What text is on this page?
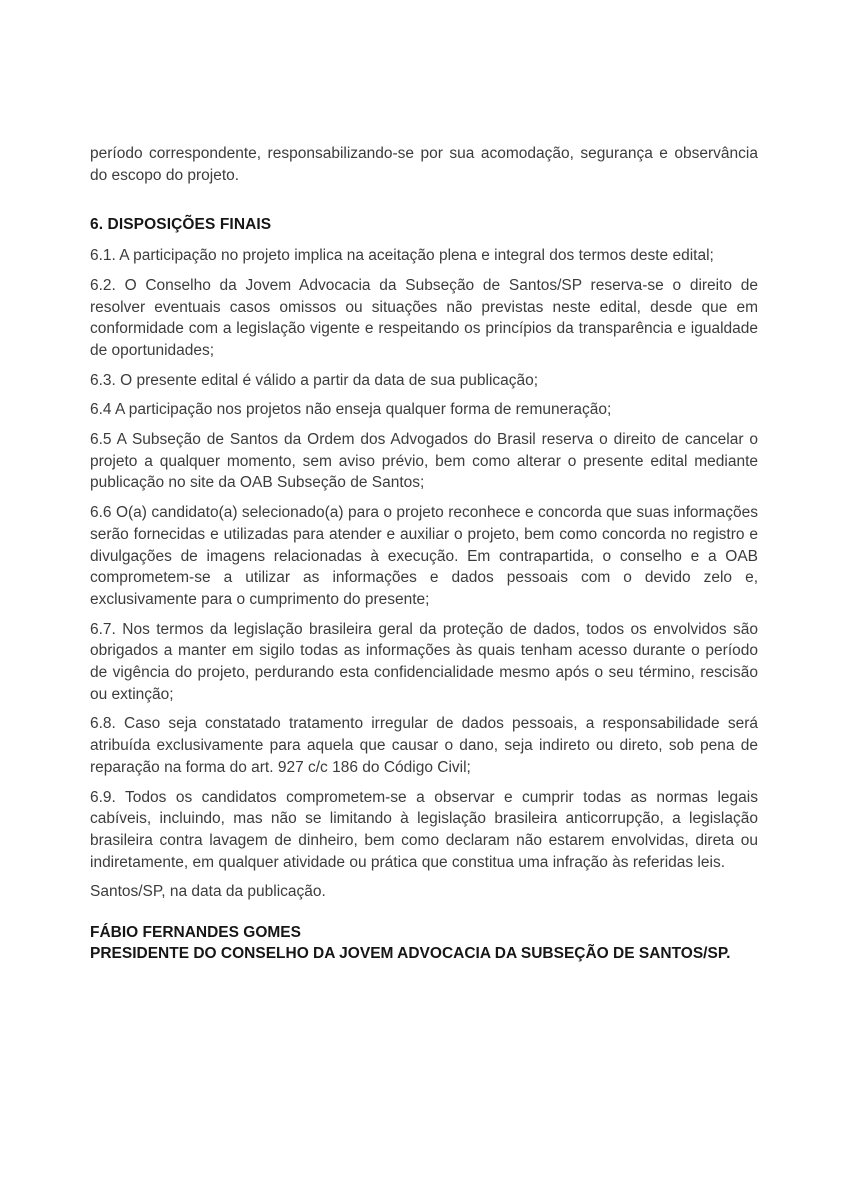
período correspondente, responsabilizando-se por sua acomodação, segurança e observância do escopo do projeto.

6. DISPOSIÇÕES FINAIS

6.1. A participação no projeto implica na aceitação plena e integral dos termos deste edital;

6.2. O Conselho da Jovem Advocacia da Subseção de Santos/SP reserva-se o direito de resolver eventuais casos omissos ou situações não previstas neste edital, desde que em conformidade com a legislação vigente e respeitando os princípios da transparência e igualdade de oportunidades;

6.3. O presente edital é válido a partir da data de sua publicação;

6.4 A participação nos projetos não enseja qualquer forma de remuneração;

6.5 A Subseção de Santos da Ordem dos Advogados do Brasil reserva o direito de cancelar o projeto a qualquer momento, sem aviso prévio, bem como alterar o presente edital mediante publicação no site da OAB Subseção de Santos;

6.6 O(a) candidato(a) selecionado(a) para o projeto reconhece e concorda que suas informações serão fornecidas e utilizadas para atender e auxiliar o projeto, bem como concorda no registro e divulgações de imagens relacionadas à execução. Em contrapartida, o conselho e a OAB comprometem-se a utilizar as informações e dados pessoais com o devido zelo e, exclusivamente para o cumprimento do presente;

6.7. Nos termos da legislação brasileira geral da proteção de dados, todos os envolvidos são obrigados a manter em sigilo todas as informações às quais tenham acesso durante o período de vigência do projeto, perdurando esta confidencialidade mesmo após o seu término, rescisão ou extinção;

6.8. Caso seja constatado tratamento irregular de dados pessoais, a responsabilidade será atribuída exclusivamente para aquela que causar o dano, seja indireto ou direto, sob pena de reparação na forma do art. 927 c/c 186 do Código Civil;

6.9. Todos os candidatos comprometem-se a observar e cumprir todas as normas legais cabíveis, incluindo, mas não se limitando à legislação brasileira anticorrupção, a legislação brasileira contra lavagem de dinheiro, bem como declaram não estarem envolvidas, direta ou indiretamente, em qualquer atividade ou prática que constitua uma infração às referidas leis.

Santos/SP, na data da publicação.

FÁBIO FERNANDES GOMES

PRESIDENTE DO CONSELHO DA JOVEM ADVOCACIA DA SUBSEÇÃO DE SANTOS/SP.
